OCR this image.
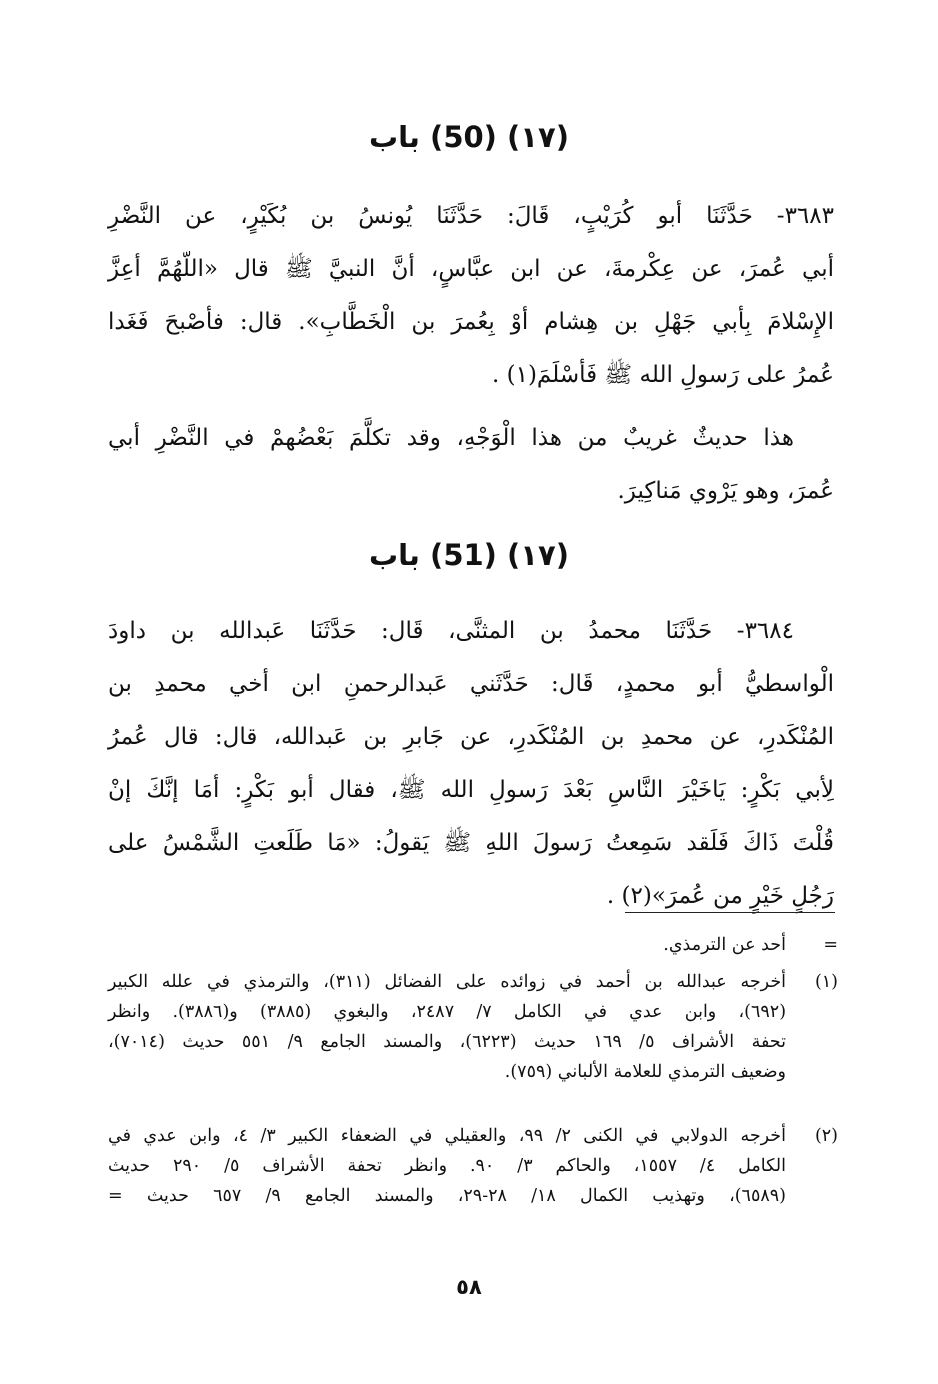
(١٧) (50) باب
٣٦٨٣- حَدَّثَنَا أبو كُرَيْبٍ، قَالَ: حَدَّثَنَا يُونسُ بن بُكَيْرٍ، عن النَّضْرِ
أبي عُمرَ، عن عِكْرمةَ، عن ابن عبَّاسٍ، أنَّ النبيَّ ﷺ قال «اللّهُمَّ أعِزَّ
الإِسْلامَ بِأبي جَهْلِ بن هِشام أوْ بِعُمرَ بن الْخَطَّابِ». قال: فأصْبحَ فَغَدا
عُمرُ على رَسولِ الله ﷺ فَأسْلَمَ(١) .
هذا حديثٌ غريبٌ من هذا الْوَجْهِ، وقد تكلَّمَ بَعْضُهمْ في النَّضْرِ أبي
عُمرَ، وهو يَرْوي مَناكِيرَ.
(١٧) (51) باب
٣٦٨٤- حَدَّثَنَا محمدُ بن المثنَّى، قَال: حَدَّثَنَا عَبدالله بن داودَ
الْواسطيُّ أبو محمدٍ، قَال: حَدَّثَني عَبدالرحمنِ ابن أخي محمدِ بن
المُنْكَدرِ، عن محمدِ بن المُنْكَدرِ، عن جَابرِ بن عَبدالله، قال: قال عُمرُ
لِأبي بَكْرٍ: يَاخَيْرَ النَّاسِ بَعْدَ رَسولِ الله ﷺ، فقال أبو بَكْرٍ: أمَا إنَّكَ إنْ
قُلْتَ ذَاكَ فَلَقد سَمِعتُ رَسولَ اللهِ ﷺ يَقولُ: «مَا طَلَعتِ الشَّمْسُ على
رَجُلٍ خَيْرٍ من عُمرَ»(٢) .
=
أحد عن الترمذي.
(١)
أخرجه عبدالله بن أحمد في زوائده على الفضائل (٣١١)، والترمذي في علله الكبير
(٦٩٢)، وابن عدي في الكامل ٧/ ٢٤٨٧، والبغوي (٣٨٨٥) و(٣٨٨٦). وانظر
تحفة الأشراف ٥/ ١٦٩ حديث (٦٢٢٣)، والمسند الجامع ٩/ ٥٥١ حديث (٧٠١٤)،
وضعيف الترمذي للعلامة الألباني (٧٥٩).
(٢)
أخرجه الدولابي في الكنى ٢/ ٩٩، والعقيلي في الضعفاء الكبير ٣/ ٤، وابن عدي في
الكامل ٤/ ١٥٥٧، والحاكم ٣/ ٩٠. وانظر تحفة الأشراف ٥/ ٢٩٠ حديث
(٦٥٨٩)، وتهذيب الكمال ١٨/ ٢٨-٢٩، والمسند الجامع ٩/ ٦٥٧ حديث =
٥٨
